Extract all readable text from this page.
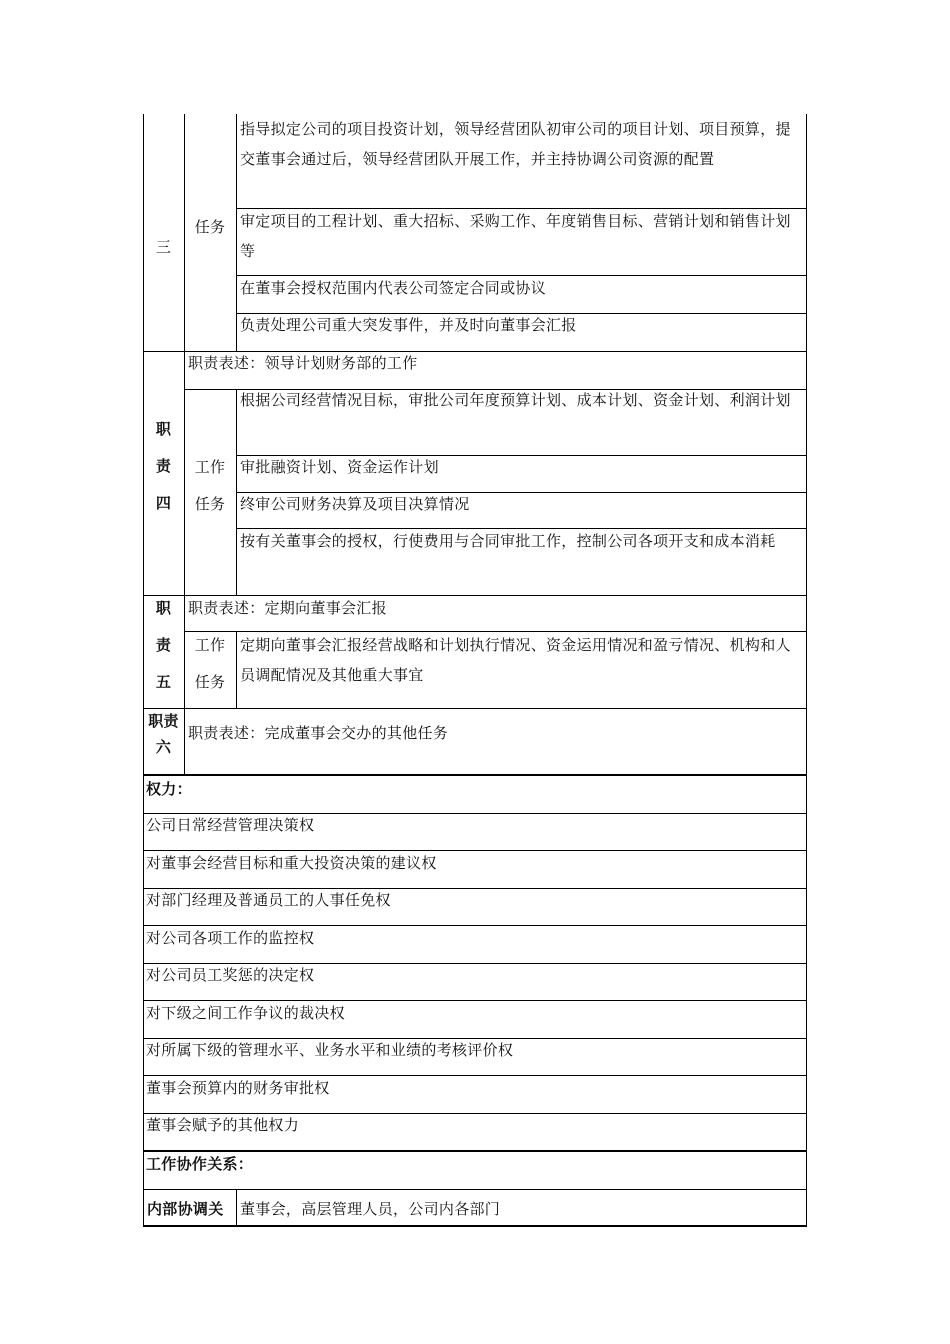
三
任务
指导拟定公司的项目投资计划，领导经营团队初审公司的项目计划、项目预算，提交董事会通过后，领导经营团队开展工作，并主持协调公司资源的配置
审定项目的工程计划、重大招标、采购工作、年度销售目标、营销计划和销售计划等
在董事会授权范围内代表公司签定合同或协议
负责处理公司重大突发事件，并及时向董事会汇报
职
责
四
职责表述：领导计划财务部的工作
工作
任务
根据公司经营情况目标，审批公司年度预算计划、成本计划、资金计划、利润计划
审批融资计划、资金运作计划
终审公司财务决算及项目决算情况
按有关董事会的授权，行使费用与合同审批工作，控制公司各项开支和成本消耗
职
责
五
职责表述：定期向董事会汇报
工作
任务
定期向董事会汇报经营战略和计划执行情况、资金运用情况和盈亏情况、机构和人员调配情况及其他重大事宜
职责
六
职责表述：完成董事会交办的其他任务
权力：
公司日常经营管理决策权
对董事会经营目标和重大投资决策的建议权
对部门经理及普通员工的人事任免权
对公司各项工作的监控权
对公司员工奖惩的决定权
对下级之间工作争议的裁决权
对所属下级的管理水平、业务水平和业绩的考核评价权
董事会预算内的财务审批权
董事会赋予的其他权力
工作协作关系：
内部协调关	董事会，高层管理人员，公司内各部门
